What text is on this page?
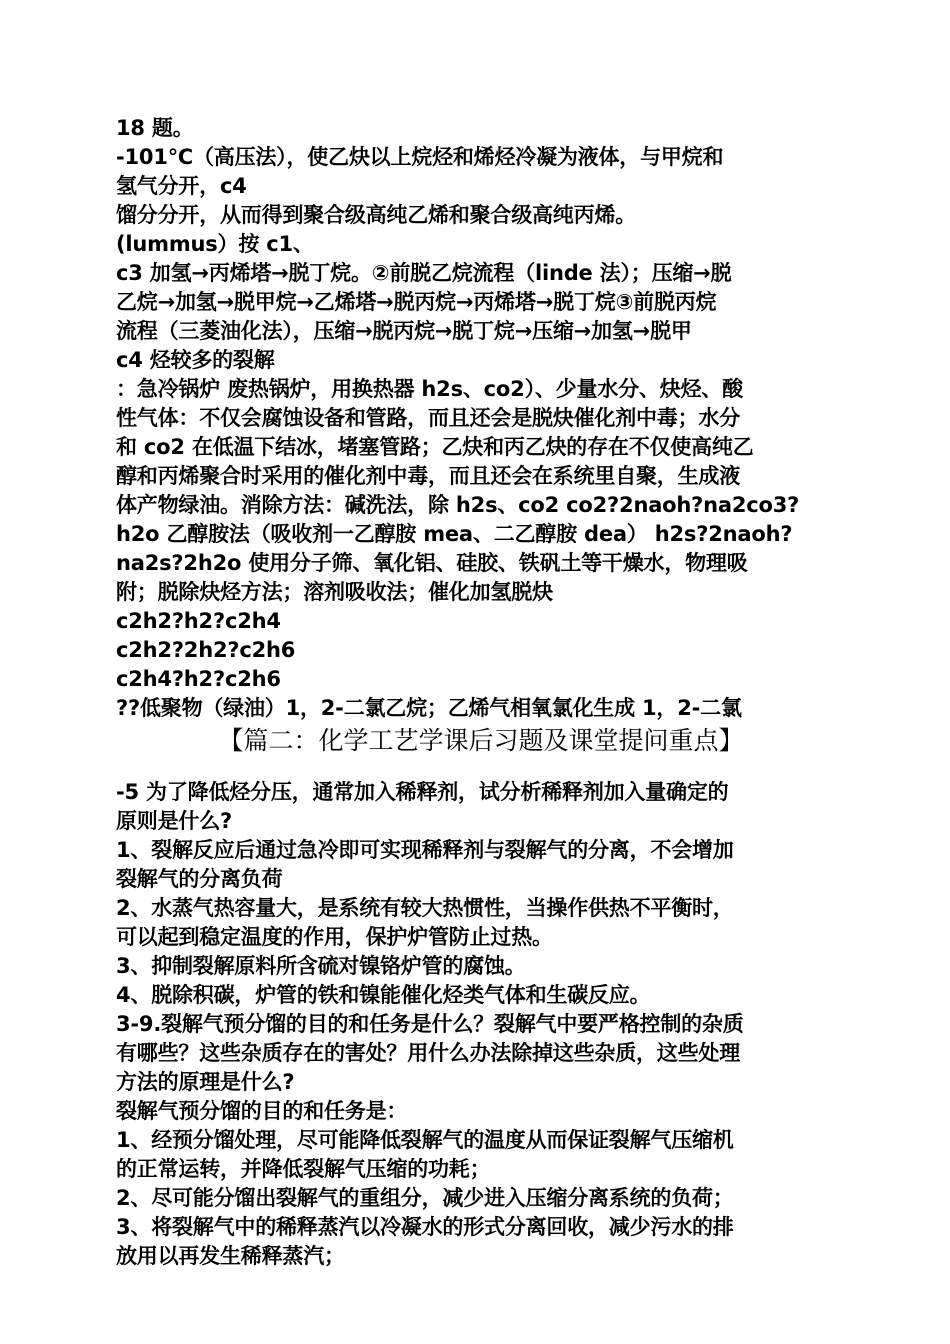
18 题。
-101℃（高压法），使乙炔以上烷烃和烯烃冷凝为液体，与甲烷和
氢气分开，c4
馏分分开，从而得到聚合级高纯乙烯和聚合级高纯丙烯。
(lummus）按 c1、
c3 加氢→丙烯塔→脱丁烷。②前脱乙烷流程（linde 法）；压缩→脱
乙烷→加氢→脱甲烷→乙烯塔→脱丙烷→丙烯塔→脱丁烷③前脱丙烷
流程（三菱油化法），压缩→脱丙烷→脱丁烷→压缩→加氢→脱甲
c4 烃较多的裂解
：急冷锅炉 废热锅炉，用换热器 h2s、co2）、少量水分、炔烃、酸
性气体：不仅会腐蚀设备和管路，而且还会是脱炔催化剂中毒；水分
和 co2 在低温下结冰，堵塞管路；乙炔和丙乙炔的存在不仅使高纯乙
醇和丙烯聚合时采用的催化剂中毒，而且还会在系统里自聚，生成液
体产物绿油。消除方法：碱洗法，除 h2s、co2 co2?2naoh?na2co3?
h2o 乙醇胺法（吸收剂一乙醇胺 mea、二乙醇胺 dea） h2s?2naoh?
na2s?2h2o 使用分子筛、氧化铝、硅胶、铁矾土等干燥水，物理吸
附；脱除炔烃方法；溶剂吸收法；催化加氢脱炔
c2h2?h2?c2h4
c2h2?2h2?c2h6
c2h4?h2?c2h6
??低聚物（绿油）1，2-二氯乙烷；乙烯气相氧氯化生成 1，2-二氯
【篇二：化学工艺学课后习题及课堂提问重点】
-5 为了降低烃分压，通常加入稀释剂，试分析稀释剂加入量确定的
原则是什么?
1、裂解反应后通过急冷即可实现稀释剂与裂解气的分离，不会增加
裂解气的分离负荷
2、水蒸气热容量大，是系统有较大热惯性，当操作供热不平衡时，
可以起到稳定温度的作用，保护炉管防止过热。
3、抑制裂解原料所含硫对镍铬炉管的腐蚀。
4、脱除积碳，炉管的铁和镍能催化烃类气体和生碳反应。
3-9.裂解气预分馏的目的和任务是什么？裂解气中要严格控制的杂质
有哪些？这些杂质存在的害处？用什么办法除掉这些杂质，这些处理
方法的原理是什么?
裂解气预分馏的目的和任务是：
1、经预分馏处理，尽可能降低裂解气的温度从而保证裂解气压缩机
的正常运转，并降低裂解气压缩的功耗；
2、尽可能分馏出裂解气的重组分，减少进入压缩分离系统的负荷；
3、将裂解气中的稀释蒸汽以冷凝水的形式分离回收，减少污水的排
放用以再发生稀释蒸汽；
